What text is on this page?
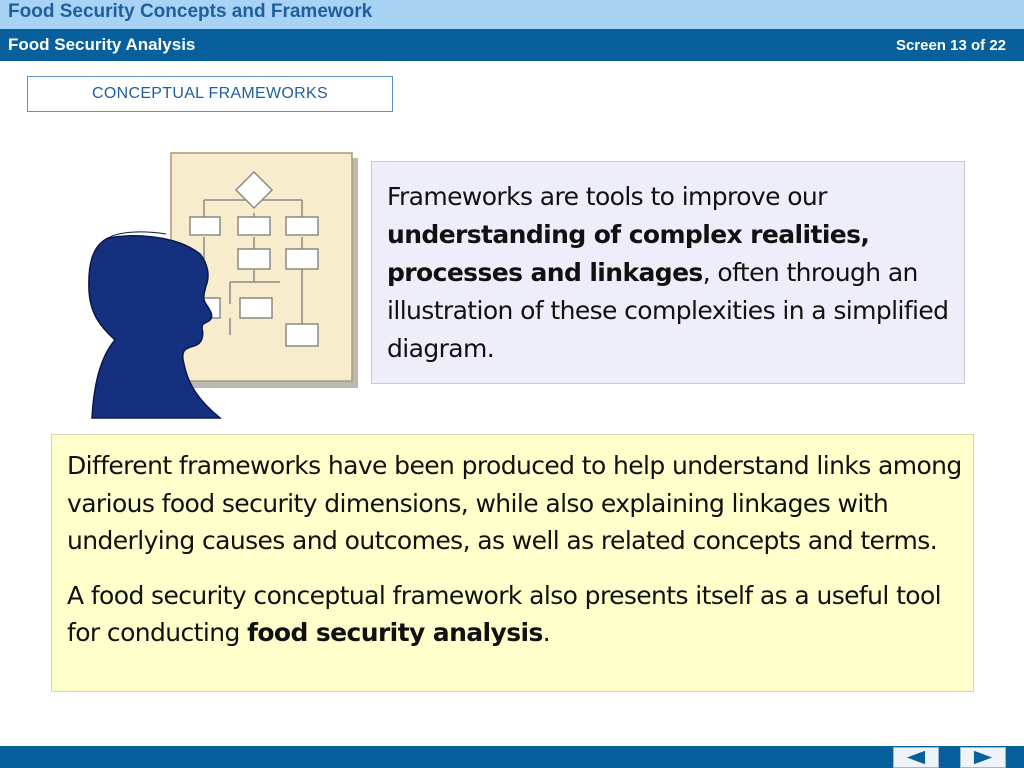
Food Security Concepts and Framework
Food Security Analysis	Screen 13 of 22
CONCEPTUAL FRAMEWORKS
Frameworks are tools to improve our understanding of complex realities, processes and linkages, often through an illustration of these complexities in a simplified diagram.

Different frameworks have been produced to help understand links among various food security dimensions, while also explaining linkages with underlying causes and outcomes, as well as related concepts and terms.

A food security conceptual framework also presents itself as a useful tool for conducting food security analysis.
